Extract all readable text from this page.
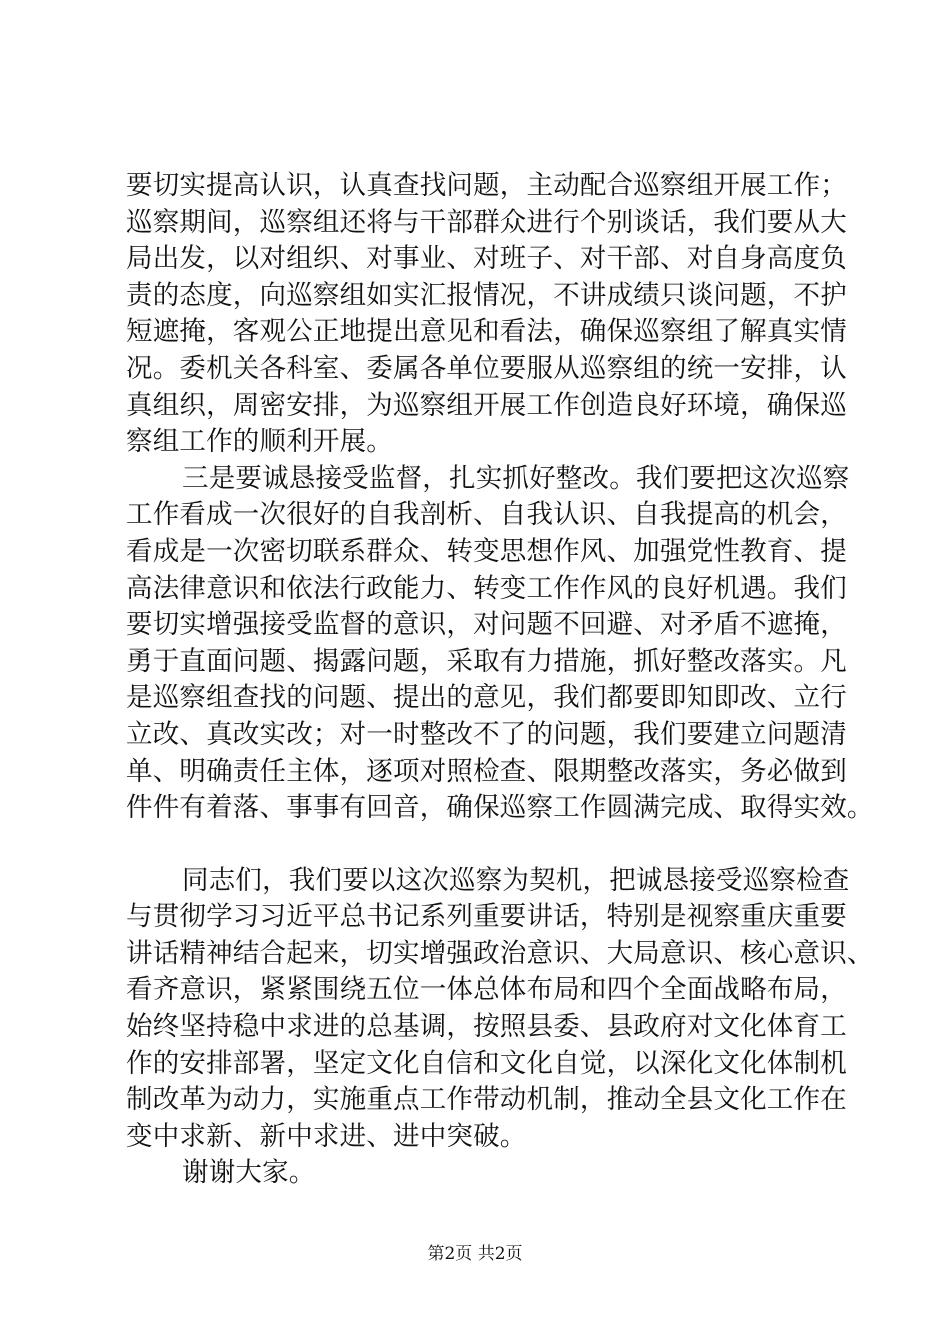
要切实提高认识，认真查找问题，主动配合巡察组开展工作；
巡察期间，巡察组还将与干部群众进行个别谈话，我们要从大
局出发，以对组织、对事业、对班子、对干部、对自身高度负
责的态度，向巡察组如实汇报情况，不讲成绩只谈问题，不护
短遮掩，客观公正地提出意见和看法，确保巡察组了解真实情
况。委机关各科室、委属各单位要服从巡察组的统一安排，认
真组织，周密安排，为巡察组开展工作创造良好环境，确保巡
察组工作的顺利开展。
三是要诚恳接受监督，扎实抓好整改。我们要把这次巡察
工作看成一次很好的自我剖析、自我认识、自我提高的机会，
看成是一次密切联系群众、转变思想作风、加强党性教育、提
高法律意识和依法行政能力、转变工作作风的良好机遇。我们
要切实增强接受监督的意识，对问题不回避、对矛盾不遮掩，
勇于直面问题、揭露问题，采取有力措施，抓好整改落实。凡
是巡察组查找的问题、提出的意见，我们都要即知即改、立行
立改、真改实改；对一时整改不了的问题，我们要建立问题清
单、明确责任主体，逐项对照检查、限期整改落实，务必做到
件件有着落、事事有回音，确保巡察工作圆满完成、取得实效。
同志们，我们要以这次巡察为契机，把诚恳接受巡察检查
与贯彻学习习近平总书记系列重要讲话，特别是视察重庆重要
讲话精神结合起来，切实增强政治意识、大局意识、核心意识、
看齐意识，紧紧围绕五位一体总体布局和四个全面战略布局，
始终坚持稳中求进的总基调，按照县委、县政府对文化体育工
作的安排部署，坚定文化自信和文化自觉，以深化文化体制机
制改革为动力，实施重点工作带动机制，推动全县文化工作在
变中求新、新中求进、进中突破。
谢谢大家。
第2页 共2页
